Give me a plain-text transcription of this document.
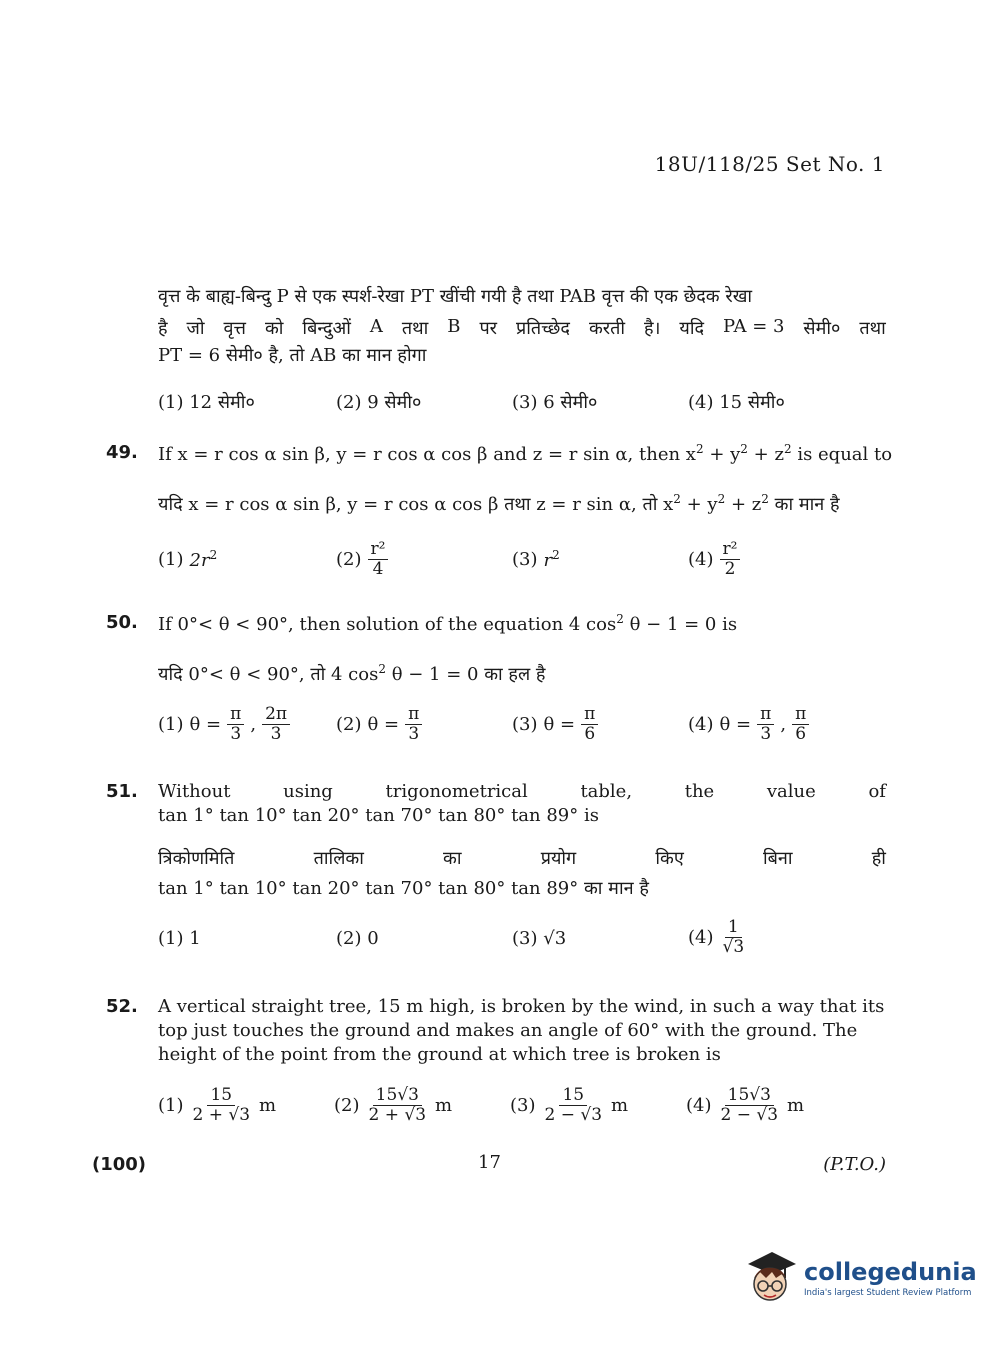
18U/118/25 Set No. 1
वृत्त के बाह्य-बिन्दु P से एक स्पर्श-रेखा PT खींची गयी है तथा PAB वृत्त की एक छेदक रेखा
है जो वृत्त को बिन्दुओं A तथा B पर प्रतिच्छेद करती है। यदि PA = 3 सेमी० तथा
PT = 6 सेमी० है, तो AB का मान होगा
(1) 12 सेमी०	(2) 9 सेमी०	(3) 6 सेमी०	(4) 15 सेमी०
49. If x = r cos α sin β, y = r cos α cos β and z = r sin α, then $x^2 + y^2 + z^2$ is equal to
यदि x = r cos α sin β, y = r cos α cos β तथा z = r sin α, तो $x^2 + y^2 + z^2$ का मान है
(1) $2r^2$	$(2) \frac{\text{r²}}{4}$	(3) $r^2$	$(4) \frac{\text{r²}}{2}$
50. If 0°< θ < 90°, then solution of the equation 4 $\cos^2 \theta - 1 = 0$ is
यदि 0°< θ < 90°, तो 4 $\cos^2 \theta - 1 = 0$ का हल है
(1) $\theta = \frac{\pi}{3}$ , $\frac{2\pi}{3}$	(2) $\theta = \frac{\pi}{3}$	(3) $\theta = \frac{\pi}{6}$	(4) $\theta = \frac{\pi}{3}$ , $\frac{\pi}{6}$
51. Without	using	trigonometrical	table,	the	value	of
tan 1° tan 10° tan 20° tan 70° tan 80° tan 89° is
त्रिकोणमिति	तालिका	का	प्रयोग	किए	बिना	ही
tan 1° tan 10° tan 20° tan 70° tan 80° tan 89° का मान है
(1) 1	(2) 0	(3) √3	$(4) \frac{1}{√3}$
52. A vertical straight tree, 15 m high, is broken by the wind, in such a way that its
top just touches the ground and makes an angle of 60° with the ground. The
height of the point from the ground at which tree is broken is
$(1) \frac{15}{2 + √3}$ m	$(2) \frac{15√3}{2 + √3}$ m	$(3) \frac{15}{2 - √3}$ m	$(4) \frac{15√3}{2 - √3}$ m
(100)	17	(P.T.O.)
collegedunia
India's largest Student Review Platform
